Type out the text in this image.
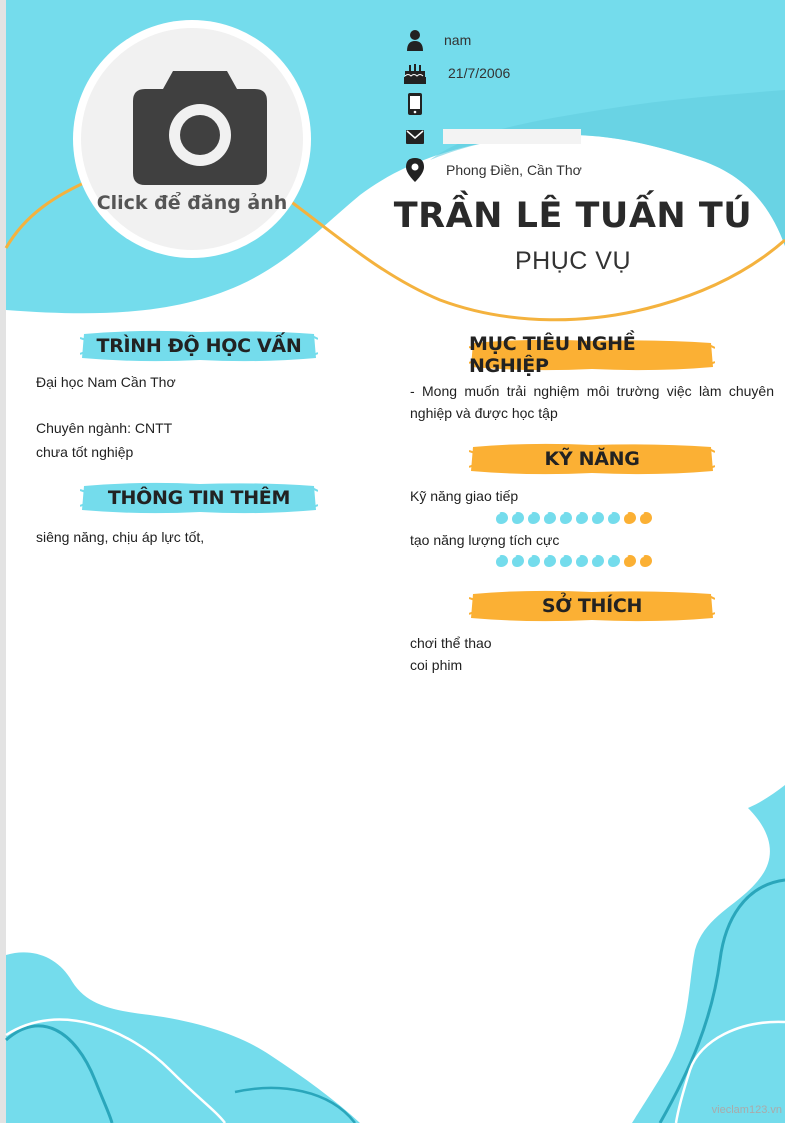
Click để đăng ảnh
nam
21/7/2006
Phong Điền, Cần Thơ
TRẦN LÊ TUẤN TÚ
PHỤC VỤ
TRÌNH ĐỘ HỌC VẤN
Đại học Nam Cần Thơ
Chuyên ngành: CNTT
chưa tốt nghiệp
THÔNG TIN THÊM
siêng năng, chịu áp lực tốt,
MỤC TIÊU NGHỀ NGHIỆP
- Mong muốn trải nghiệm môi trường việc làm chuyên nghiệp và được học tập
KỸ NĂNG
Kỹ năng giao tiếp
tạo năng lượng tích cực
SỞ THÍCH
chơi thể thao
coi phim
vieclam123.vn
